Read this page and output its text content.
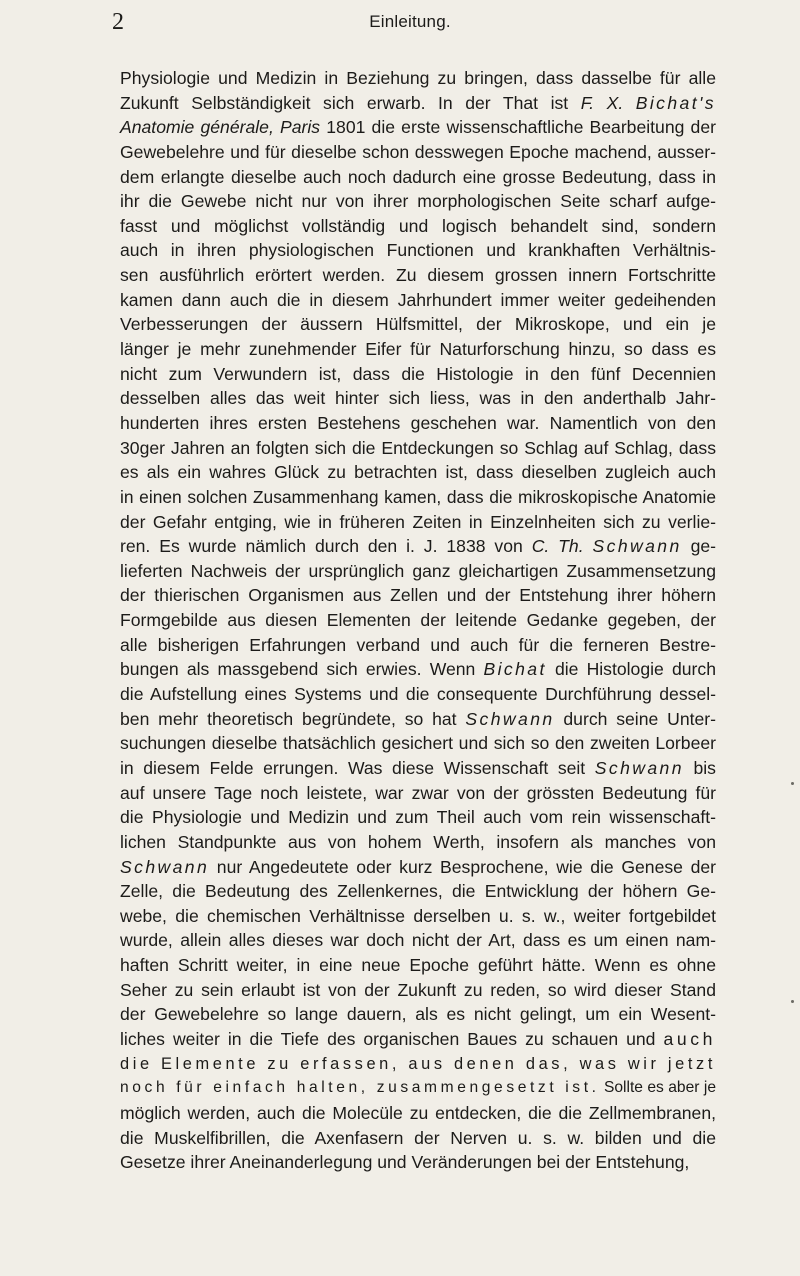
2	Einleitung.
Physiologie und Medizin in Beziehung zu bringen, dass dasselbe für alle
Zukunft Selbständigkeit sich erwarb. In der That ist F. X. Bichat's
Anatomie générale, Paris 1801 die erste wissenschaftliche Bearbeitung der
Gewebelehre und für dieselbe schon desswegen Epoche machend, ausser-
dem erlangte dieselbe auch noch dadurch eine grosse Bedeutung, dass in
ihr die Gewebe nicht nur von ihrer morphologischen Seite scharf aufge-
fasst und möglichst vollständig und logisch behandelt sind, sondern
auch in ihren physiologischen Functionen und krankhaften Verhältnis-
sen ausführlich erörtert werden. Zu diesem grossen innern Fortschritte
kamen dann auch die in diesem Jahrhundert immer weiter gedeihenden
Verbesserungen der äussern Hülfsmittel, der Mikroskope, und ein je
länger je mehr zunehmender Eifer für Naturforschung hinzu, so dass es
nicht zum Verwundern ist, dass die Histologie in den fünf Decennien
desselben alles das weit hinter sich liess, was in den anderthalb Jahr-
hunderten ihres ersten Bestehens geschehen war. Namentlich von den
30ger Jahren an folgten sich die Entdeckungen so Schlag auf Schlag, dass
es als ein wahres Glück zu betrachten ist, dass dieselben zugleich auch
in einen solchen Zusammenhang kamen, dass die mikroskopische Anatomie
der Gefahr entging, wie in früheren Zeiten in Einzelnheiten sich zu verlie-
ren. Es wurde nämlich durch den i. J. 1838 von C. Th. Schwann ge-
lieferten Nachweis der ursprünglich ganz gleichartigen Zusammensetzung
der thierischen Organismen aus Zellen und der Entstehung ihrer höhern
Formgebilde aus diesen Elementen der leitende Gedanke gegeben, der
alle bisherigen Erfahrungen verband und auch für die ferneren Bestre-
bungen als massgebend sich erwies. Wenn Bichat die Histologie durch
die Aufstellung eines Systems und die consequente Durchführung dessel-
ben mehr theoretisch begründete, so hat Schwann durch seine Unter-
suchungen dieselbe thatsächlich gesichert und sich so den zweiten Lorbeer
in diesem Felde errungen. Was diese Wissenschaft seit Schwann bis
auf unsere Tage noch leistete, war zwar von der grössten Bedeutung für
die Physiologie und Medizin und zum Theil auch vom rein wissenschaft-
lichen Standpunkte aus von hohem Werth, insofern als manches von
Schwann nur Angedeutete oder kurz Besprochene, wie die Genese der
Zelle, die Bedeutung des Zellenkernes, die Entwicklung der höhern Ge-
webe, die chemischen Verhältnisse derselben u. s. w., weiter fortgebildet
wurde, allein alles dieses war doch nicht der Art, dass es um einen nam-
haften Schritt weiter, in eine neue Epoche geführt hätte. Wenn es ohne
Seher zu sein erlaubt ist von der Zukunft zu reden, so wird dieser Stand
der Gewebelehre so lange dauern, als es nicht gelingt, um ein Wesent-
liches weiter in die Tiefe des organischen Baues zu schauen und auch
die Elemente zu erfassen, aus denen das, was wir jetzt
noch für einfach halten, zusammengesetzt ist. Sollte es aber je
möglich werden, auch die Molecüle zu entdecken, die die Zellmembranen,
die Muskelfibrillen, die Axenfasern der Nerven u. s. w. bilden und die
Gesetze ihrer Aneinanderlegung und Veränderungen bei der Entstehung,
